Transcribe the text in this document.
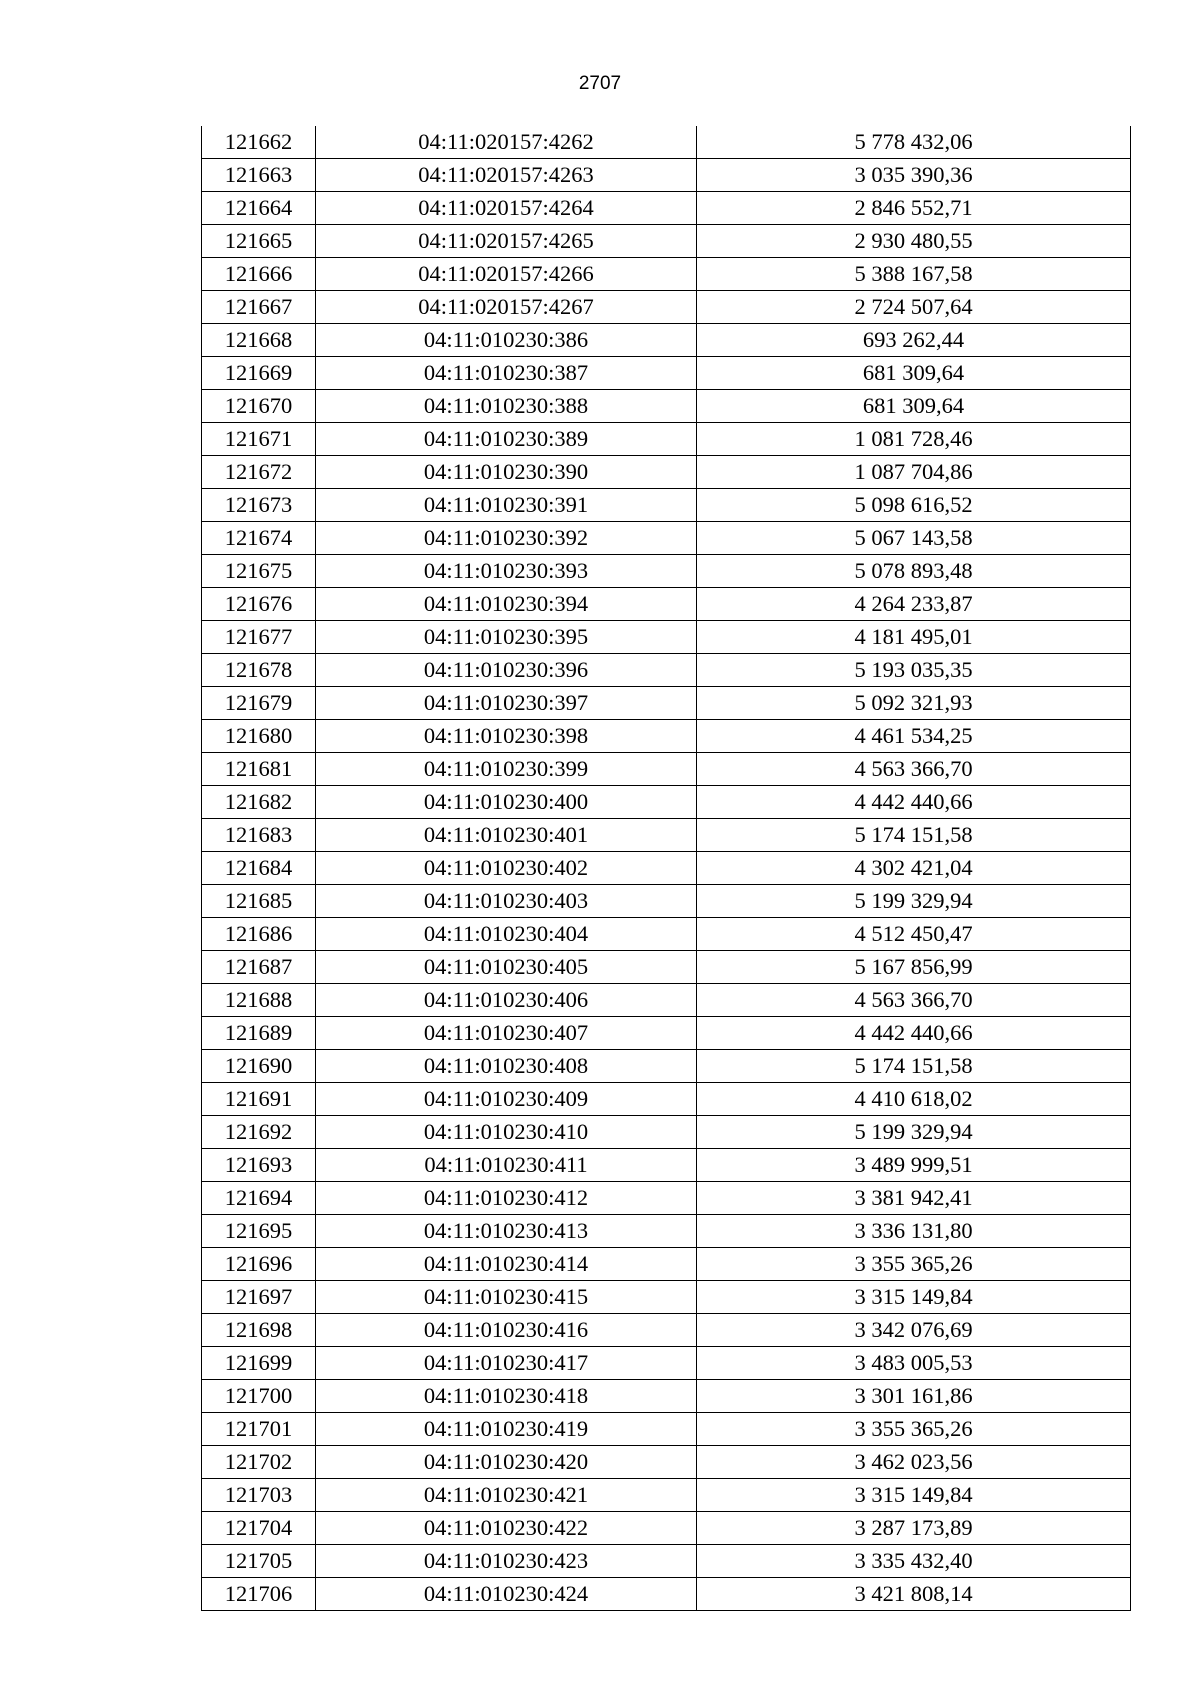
2707
121662	04:11:020157:4262	5 778 432,06
121663	04:11:020157:4263	3 035 390,36
121664	04:11:020157:4264	2 846 552,71
121665	04:11:020157:4265	2 930 480,55
121666	04:11:020157:4266	5 388 167,58
121667	04:11:020157:4267	2 724 507,64
121668	04:11:010230:386	693 262,44
121669	04:11:010230:387	681 309,64
121670	04:11:010230:388	681 309,64
121671	04:11:010230:389	1 081 728,46
121672	04:11:010230:390	1 087 704,86
121673	04:11:010230:391	5 098 616,52
121674	04:11:010230:392	5 067 143,58
121675	04:11:010230:393	5 078 893,48
121676	04:11:010230:394	4 264 233,87
121677	04:11:010230:395	4 181 495,01
121678	04:11:010230:396	5 193 035,35
121679	04:11:010230:397	5 092 321,93
121680	04:11:010230:398	4 461 534,25
121681	04:11:010230:399	4 563 366,70
121682	04:11:010230:400	4 442 440,66
121683	04:11:010230:401	5 174 151,58
121684	04:11:010230:402	4 302 421,04
121685	04:11:010230:403	5 199 329,94
121686	04:11:010230:404	4 512 450,47
121687	04:11:010230:405	5 167 856,99
121688	04:11:010230:406	4 563 366,70
121689	04:11:010230:407	4 442 440,66
121690	04:11:010230:408	5 174 151,58
121691	04:11:010230:409	4 410 618,02
121692	04:11:010230:410	5 199 329,94
121693	04:11:010230:411	3 489 999,51
121694	04:11:010230:412	3 381 942,41
121695	04:11:010230:413	3 336 131,80
121696	04:11:010230:414	3 355 365,26
121697	04:11:010230:415	3 315 149,84
121698	04:11:010230:416	3 342 076,69
121699	04:11:010230:417	3 483 005,53
121700	04:11:010230:418	3 301 161,86
121701	04:11:010230:419	3 355 365,26
121702	04:11:010230:420	3 462 023,56
121703	04:11:010230:421	3 315 149,84
121704	04:11:010230:422	3 287 173,89
121705	04:11:010230:423	3 335 432,40
121706	04:11:010230:424	3 421 808,14
